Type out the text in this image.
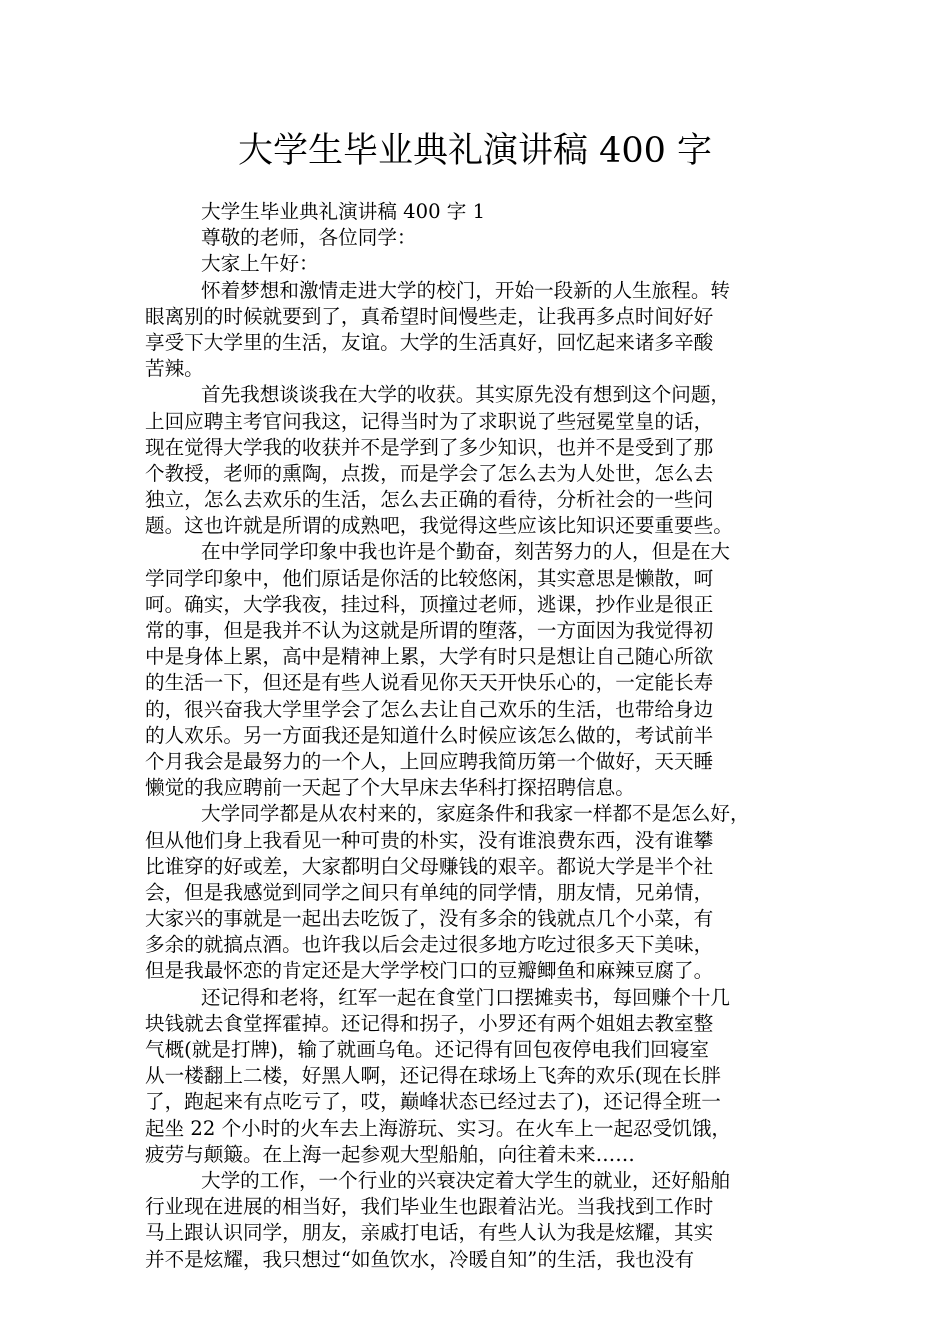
大学生毕业典礼演讲稿 400 字
大学生毕业典礼演讲稿 400 字 1
尊敬的老师，各位同学：
大家上午好：
怀着梦想和激情走进大学的校门，开始一段新的人生旅程。转
眼离别的时候就要到了，真希望时间慢些走，让我再多点时间好好
享受下大学里的生活，友谊。大学的生活真好，回忆起来诸多辛酸
苦辣。
首先我想谈谈我在大学的收获。其实原先没有想到这个问题，
上回应聘主考官问我这，记得当时为了求职说了些冠冕堂皇的话，
现在觉得大学我的收获并不是学到了多少知识，也并不是受到了那
个教授，老师的熏陶，点拨，而是学会了怎么去为人处世，怎么去
独立，怎么去欢乐的生活，怎么去正确的看待，分析社会的一些问
题。这也许就是所谓的成熟吧，我觉得这些应该比知识还要重要些。
在中学同学印象中我也许是个勤奋，刻苦努力的人，但是在大
学同学印象中，他们原话是你活的比较悠闲，其实意思是懒散，呵
呵。确实，大学我夜，挂过科，顶撞过老师，逃课，抄作业是很正
常的事，但是我并不认为这就是所谓的堕落，一方面因为我觉得初
中是身体上累，高中是精神上累，大学有时只是想让自己随心所欲
的生活一下，但还是有些人说看见你天天开快乐心的，一定能长寿
的，很兴奋我大学里学会了怎么去让自己欢乐的生活，也带给身边
的人欢乐。另一方面我还是知道什么时候应该怎么做的，考试前半
个月我会是最努力的一个人，上回应聘我简历第一个做好，天天睡
懒觉的我应聘前一天起了个大早床去华科打探招聘信息。
大学同学都是从农村来的，家庭条件和我家一样都不是怎么好，
但从他们身上我看见一种可贵的朴实，没有谁浪费东西，没有谁攀
比谁穿的好或差，大家都明白父母赚钱的艰辛。都说大学是半个社
会，但是我感觉到同学之间只有单纯的同学情，朋友情，兄弟情，
大家兴的事就是一起出去吃饭了，没有多余的钱就点几个小菜，有
多余的就搞点酒。也许我以后会走过很多地方吃过很多天下美味，
但是我最怀恋的肯定还是大学学校门口的豆瓣鲫鱼和麻辣豆腐了。
还记得和老将，红军一起在食堂门口摆摊卖书，每回赚个十几
块钱就去食堂挥霍掉。还记得和拐子，小罗还有两个姐姐去教室整
气概(就是打牌)，输了就画乌龟。还记得有回包夜停电我们回寝室
从一楼翻上二楼，好黑人啊，还记得在球场上飞奔的欢乐(现在长胖
了，跑起来有点吃亏了，哎，巅峰状态已经过去了)，还记得全班一
起坐 22 个小时的火车去上海游玩、实习。在火车上一起忍受饥饿，
疲劳与颠簸。在上海一起参观大型船舶，向往着未来……
大学的工作，一个行业的兴衰决定着大学生的就业，还好船舶
行业现在进展的相当好，我们毕业生也跟着沾光。当我找到工作时
马上跟认识同学，朋友，亲戚打电话，有些人认为我是炫耀，其实
并不是炫耀，我只想过“如鱼饮水，冷暖自知”的生活，我也没有
